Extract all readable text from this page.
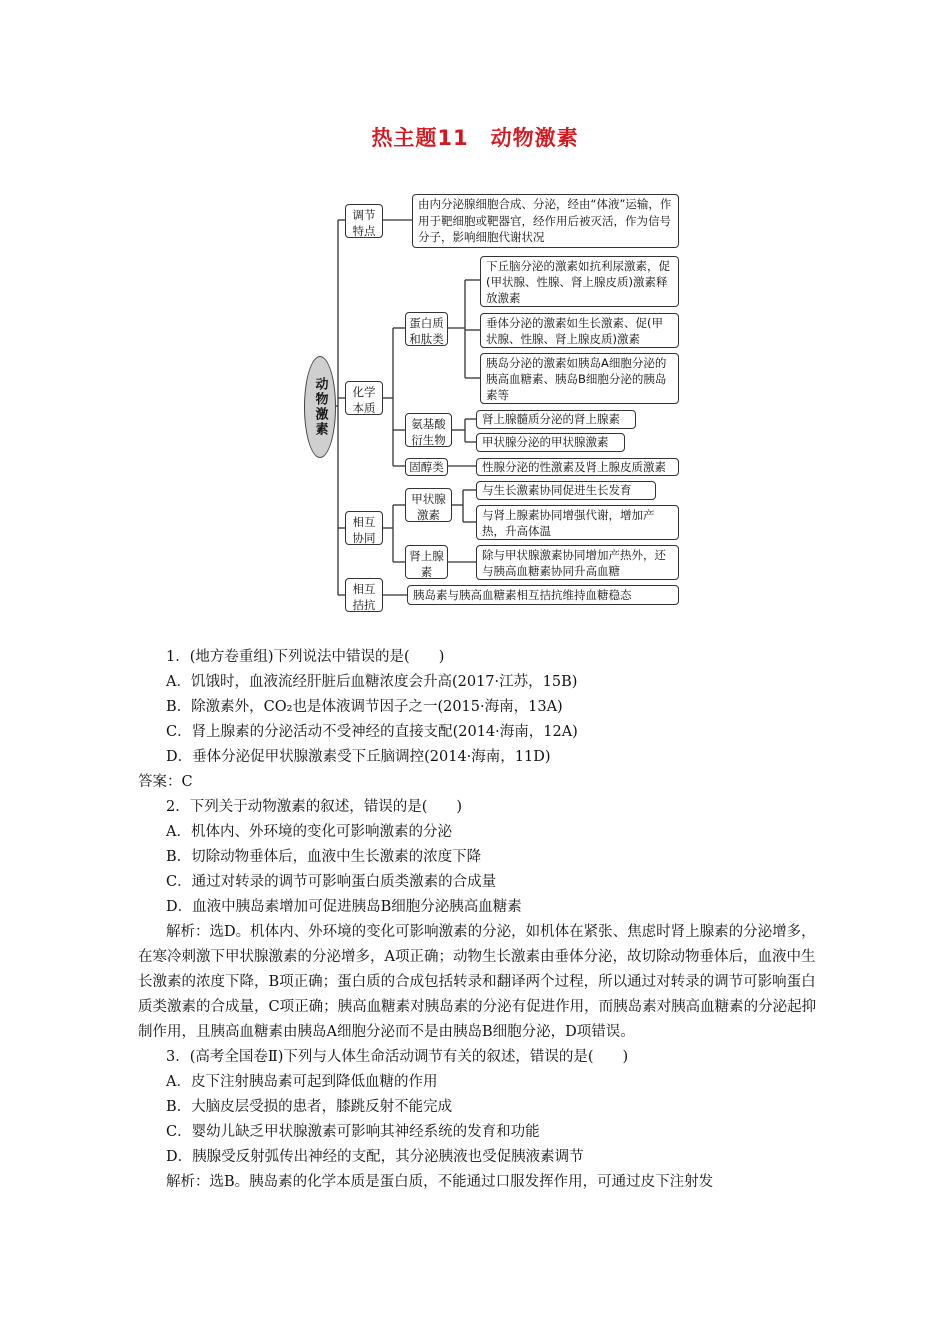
热主题11　动物激素
动物激素
调节特点
化学本质
相互协同
相互拮抗
由内分泌腺细胞合成、分泌，经由“体液”运输，作用于靶细胞或靶器官，经作用后被灭活，作为信号分子，影响细胞代谢状况
蛋白质和肽类
氨基酸衍生物
固醇类
下丘脑分泌的激素如抗利尿激素，促(甲状腺、性腺、肾上腺皮质)激素释放激素
垂体分泌的激素如生长激素、促(甲状腺、性腺、肾上腺皮质)激素
胰岛分泌的激素如胰岛A细胞分泌的胰高血糖素、胰岛B细胞分泌的胰岛素等
肾上腺髓质分泌的肾上腺素
甲状腺分泌的甲状腺激素
性腺分泌的性激素及肾上腺皮质激素
甲状腺激素
肾上腺素
与生长激素协同促进生长发育
与肾上腺素协同增强代谢，增加产热，升高体温
除与甲状腺激素协同增加产热外，还与胰高血糖素协同升高血糖
胰岛素与胰高血糖素相互拮抗维持血糖稳态

1．(地方卷重组)下列说法中错误的是(　　)

A．饥饿时，血液流经肝脏后血糖浓度会升高(2017·江苏，15B)

B．除激素外，CO₂也是体液调节因子之一(2015·海南，13A)

C．肾上腺素的分泌活动不受神经的直接支配(2014·海南，12A)

D．垂体分泌促甲状腺激素受下丘脑调控(2014·海南，11D)

答案：C

2．下列关于动物激素的叙述，错误的是(　　)

A．机体内、外环境的变化可影响激素的分泌

B．切除动物垂体后，血液中生长激素的浓度下降

C．通过对转录的调节可影响蛋白质类激素的合成量

D．血液中胰岛素增加可促进胰岛B细胞分泌胰高血糖素

解析：选D。机体内、外环境的变化可影响激素的分泌，如机体在紧张、焦虑时肾上腺素的分泌增多，在寒冷刺激下甲状腺激素的分泌增多，A项正确；动物生长激素由垂体分泌，故切除动物垂体后，血液中生长激素的浓度下降，B项正确；蛋白质的合成包括转录和翻译两个过程，所以通过对转录的调节可影响蛋白质类激素的合成量，C项正确；胰高血糖素对胰岛素的分泌有促进作用，而胰岛素对胰高血糖素的分泌起抑制作用，且胰高血糖素由胰岛A细胞分泌而不是由胰岛B细胞分泌，D项错误。

3．(高考全国卷Ⅱ)下列与人体生命活动调节有关的叙述，错误的是(　　)

A．皮下注射胰岛素可起到降低血糖的作用

B．大脑皮层受损的患者，膝跳反射不能完成

C．婴幼儿缺乏甲状腺激素可影响其神经系统的发育和功能

D．胰腺受反射弧传出神经的支配，其分泌胰液也受促胰液素调节

解析：选B。胰岛素的化学本质是蛋白质，不能通过口服发挥作用，可通过皮下注射发
